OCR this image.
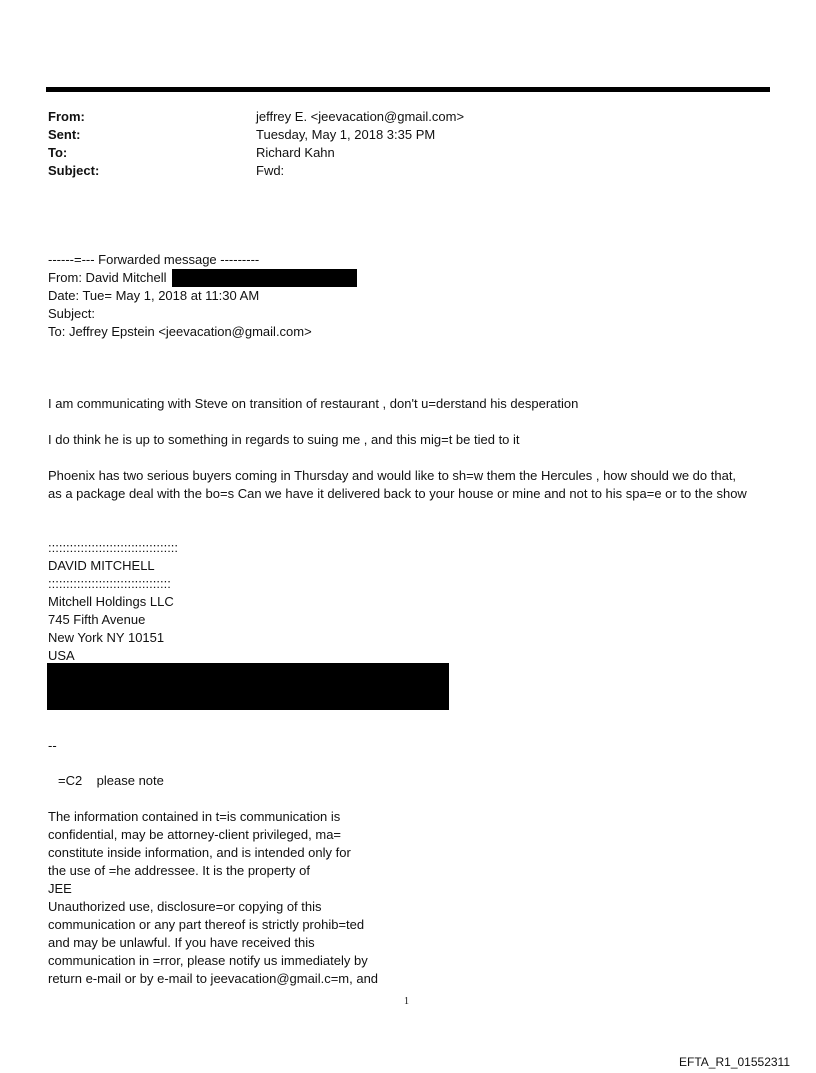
From:	jeffrey E. <jeevacation@gmail.com>
Sent:	Tuesday, May 1, 2018 3:35 PM
To:	Richard Kahn
Subject:	Fwd:
------=--- Forwarded message ---------
From: David Mitchell
Date: Tue= May 1, 2018 at 11:30 AM
Subject:
To: Jeffrey Epstein <jeevacation@gmail.com>
I am communicating with Steve on transition of restaurant , don't u=derstand his desperation
I do think he is up to something in regards to suing me , and this mig=t be tied to it
Phoenix has two serious buyers coming in Thursday and would like to sh=w them the Hercules , how should we do that,
as a package deal with the bo=s Can we have it delivered back to your house or mine and not to his spa=e or to the show
::::::::::::::::::::::::::::::::::::
DAVID MITCHELL
::::::::::::::::::::::::::::::::::
Mitchell Holdings LLC
745 Fifth Avenue
New York NY 10151
USA
--
=C2    please note
The information contained in t=is communication is
confidential, may be attorney-client privileged, ma=
constitute inside information, and is intended only for
the use of =he addressee. It is the property of
JEE
Unauthorized use, disclosure=or copying of this
communication or any part thereof is strictly prohib=ted
and may be unlawful. If you have received this
communication in =rror, please notify us immediately by
return e-mail or by e-mail to jeevacation@gmail.c=m, and
1
EFTA_R1_01552311
